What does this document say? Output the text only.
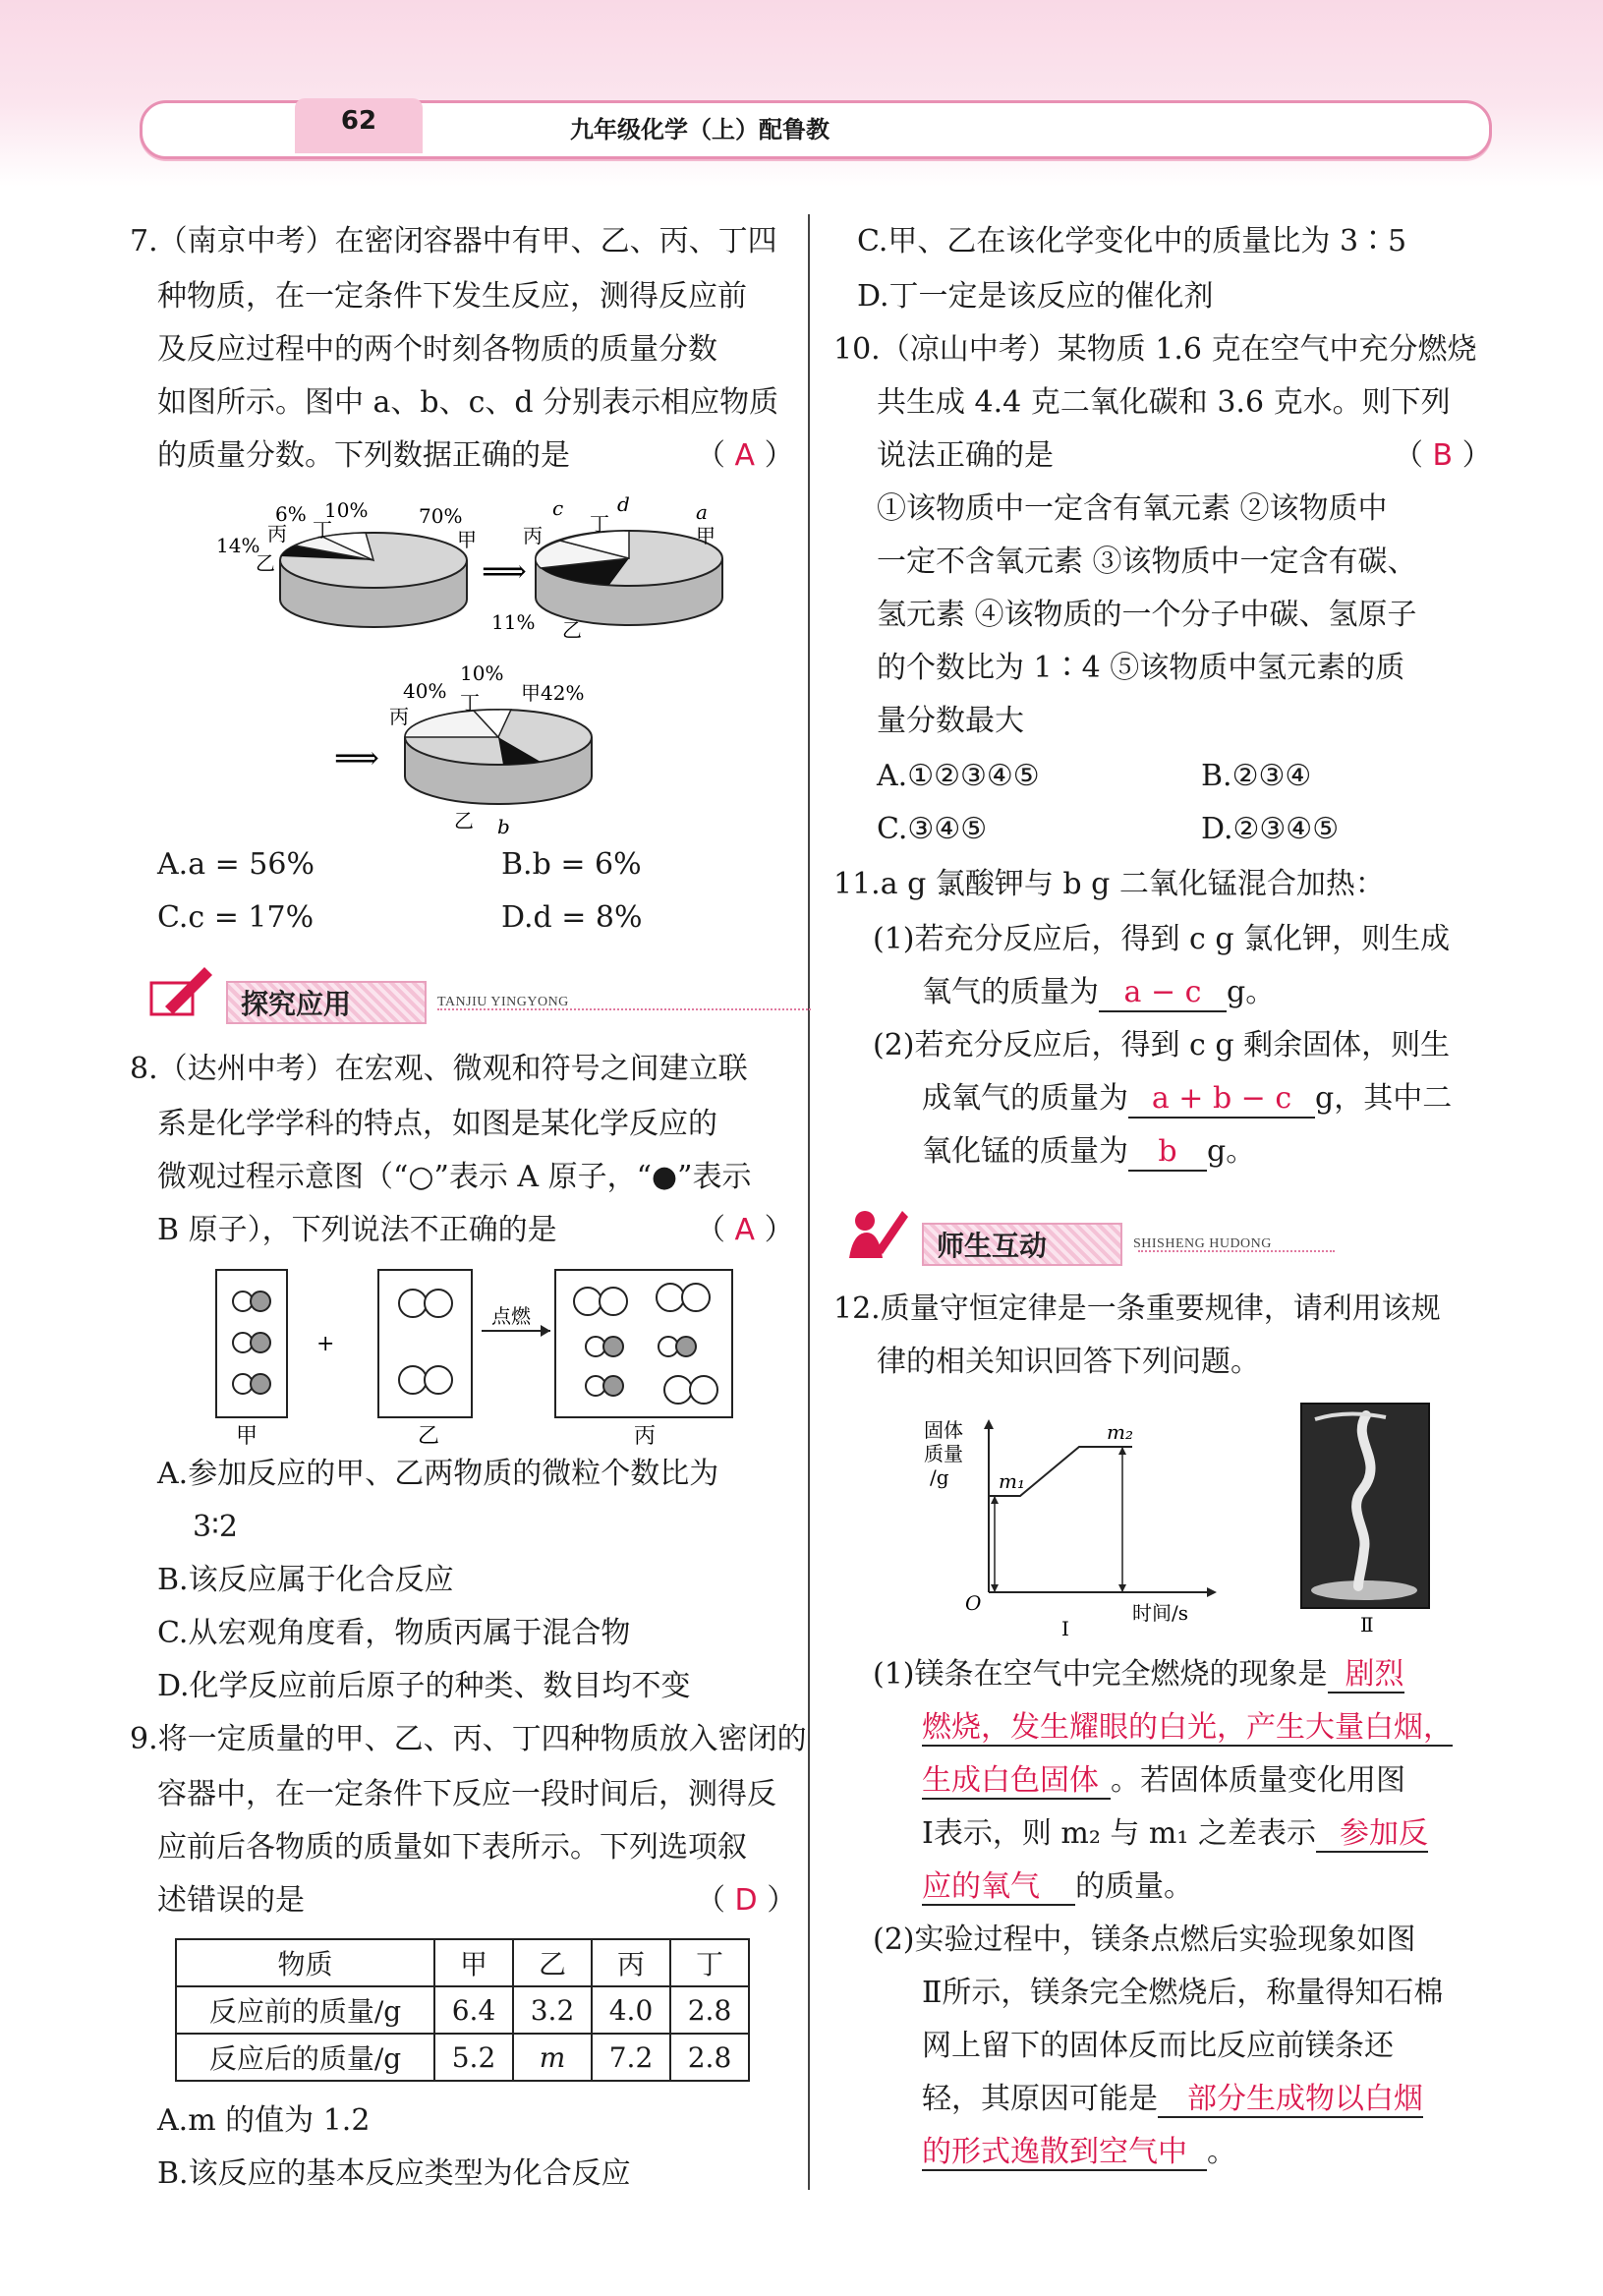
62	九年级化学（上）配鲁教
7.（南京中考）在密闭容器中有甲、乙、丙、丁四
种物质，在一定条件下发生反应，测得反应前
及反应过程中的两个时刻各物质的质量分数
如图所示。图中 a、b、c、d 分别表示相应物质
的质量分数。下列数据正确的是	（ A ）
6% 10%	70%
14% 丙 丁	甲
乙	⟹
c	d	a
丙 丁	甲
11% 乙
⟹
40%
10%
甲42%
丙
丁
乙 b
A.a = 56%	B.b = 6%
C.c = 17%	D.d = 8%
探究应用	TANJIU YINGYONG
8.（达州中考）在宏观、微观和符号之间建立联
系是化学学科的特点，如图是某化学反应的
微观过程示意图（“○”表示 A 原子，“●”表示
B 原子），下列说法不正确的是	（ A ）
甲
+
乙
点燃
丙
A.参加反应的甲、乙两物质的微粒个数比为
3∶2
B.该反应属于化合反应
C.从宏观角度看，物质丙属于混合物
D.化学反应前后原子的种类、数目均不变
9.将一定质量的甲、乙、丙、丁四种物质放入密闭的
容器中，在一定条件下反应一段时间后，测得反
应前后各物质的质量如下表所示。下列选项叙
述错误的是	（ D ）
物质	甲	乙	丙	丁
反应前的质量/g	6.4	3.2	4.0	2.8
反应后的质量/g	5.2	m	7.2	2.8
A.m 的值为 1.2
B.该反应的基本反应类型为化合反应
C.甲、乙在该化学变化中的质量比为 3∶5
D.丁一定是该反应的催化剂
10.（凉山中考）某物质 1.6 克在空气中充分燃烧
共生成 4.4 克二氧化碳和 3.6 克水。则下列
说法正确的是	（ B ）
①该物质中一定含有氧元素 ②该物质中
一定不含氧元素 ③该物质中一定含有碳、
氢元素 ④该物质的一个分子中碳、氢原子
的个数比为 1∶4 ⑤该物质中氢元素的质
量分数最大
A.①②③④⑤	B.②③④
C.③④⑤	D.②③④⑤
11.a g 氯酸钾与 b g 二氧化锰混合加热：
(1)若充分反应后，得到 c g 氯化钾，则生成
氧气的质量为 a − c g。
(2)若充分反应后，得到 c g 剩余固体，则生
成氧气的质量为 a + b − c g，其中二
氧化锰的质量为 b g。
师生互动	SHISHENG HUDONG
12.质量守恒定律是一条重要规律，请利用该规
律的相关知识回答下列问题。
固体
质量
/g	m₁
m₂
O	时间/s
Ⅰ	Ⅱ
(1)镁条在空气中完全燃烧的现象是 剧烈
燃烧，发生耀眼的白光，产生大量白烟，
生成白色固体 。若固体质量变化用图
Ⅰ表示，则 m₂ 与 m₁ 之差表示 参加反
应的氧气 的质量。
(2)实验过程中，镁条点燃后实验现象如图
Ⅱ所示，镁条完全燃烧后，称量得知石棉
网上留下的固体反而比反应前镁条还
轻，其原因可能是 部分生成物以白烟
的形式逸散到空气中 。
